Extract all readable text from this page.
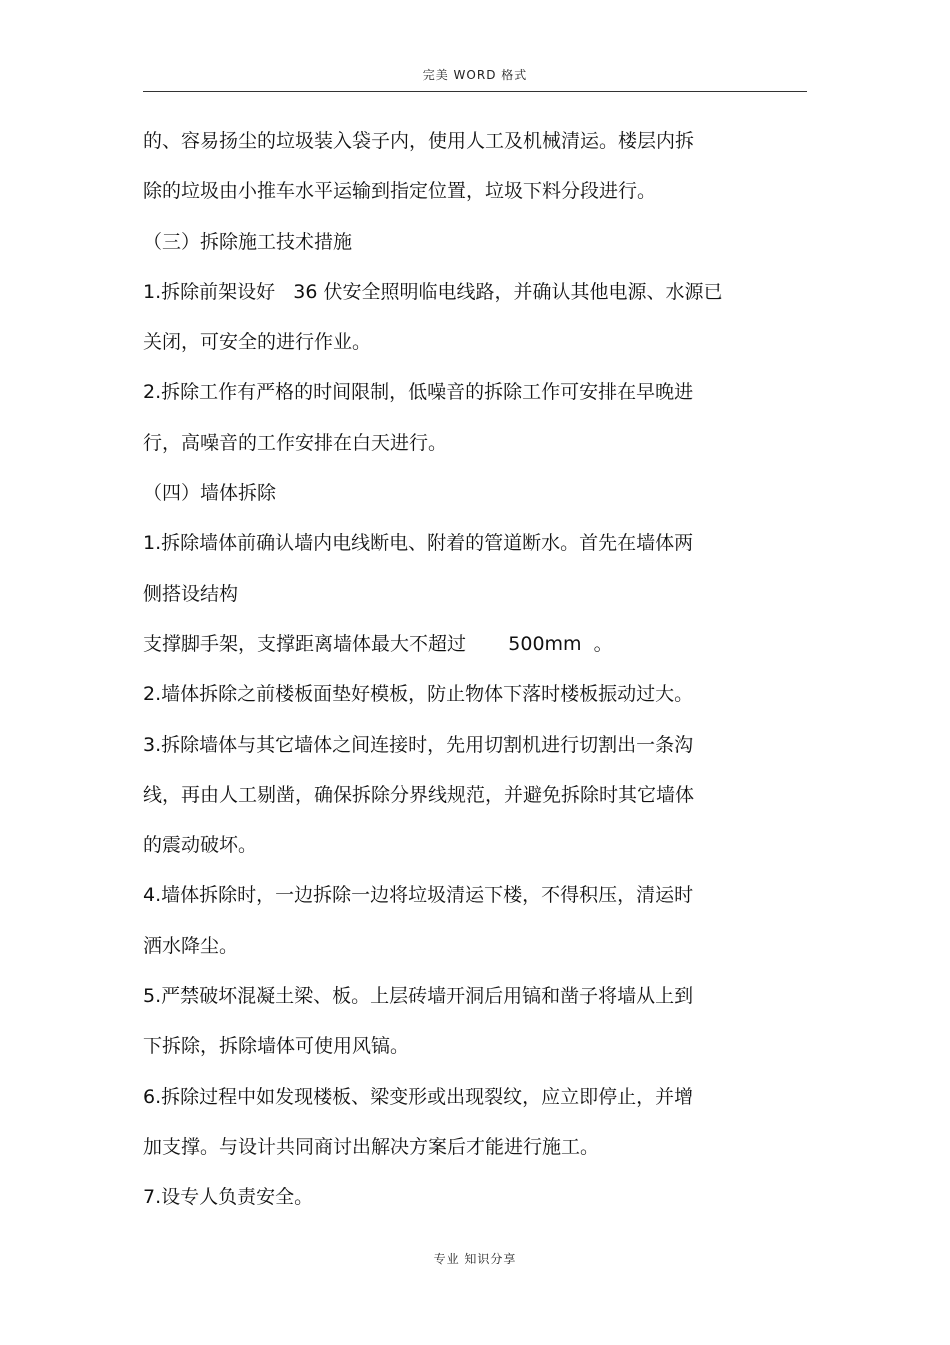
完美 WORD 格式
的、容易扬尘的垃圾装入袋子内，使用人工及机械清运。楼层内拆
除的垃圾由小推车水平运输到指定位置，垃圾下料分段进行。
（三）拆除施工技术措施
1.拆除前架设好   36 伏安全照明临电线路，并确认其他电源、水源已
关闭，可安全的进行作业。
2.拆除工作有严格的时间限制，低噪音的拆除工作可安排在早晚进
行，高噪音的工作安排在白天进行。
（四）墙体拆除
1.拆除墙体前确认墙内电线断电、附着的管道断水。首先在墙体两
侧搭设结构
支撑脚手架，支撑距离墙体最大不超过       500mm  。
2.墙体拆除之前楼板面垫好模板，防止物体下落时楼板振动过大。
3.拆除墙体与其它墙体之间连接时，先用切割机进行切割出一条沟
线，再由人工剔凿，确保拆除分界线规范，并避免拆除时其它墙体
的震动破坏。
4.墙体拆除时，一边拆除一边将垃圾清运下楼，不得积压，清运时
洒水降尘。
5.严禁破坏混凝土梁、板。上层砖墙开洞后用镐和凿子将墙从上到
下拆除，拆除墙体可使用风镐。
6.拆除过程中如发现楼板、梁变形或出现裂纹，应立即停止，并增
加支撑。与设计共同商讨出解决方案后才能进行施工。
7.设专人负责安全。
专业 知识分享
